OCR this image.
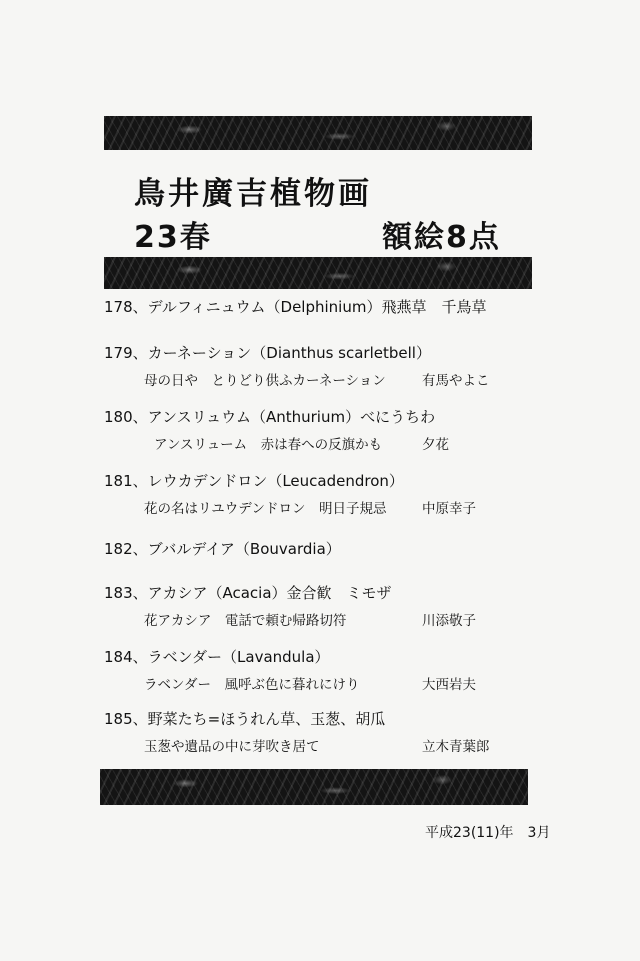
鳥井廣吉植物画
23春	額絵8点
178、デルフィニュウム（Delphinium）飛燕草　千鳥草
179、カーネーション（Dianthus scarletbell）
母の日や　とりどり供ふカーネーション	有馬やよこ
180、アンスリュウム（Anthurium）べにうちわ
アンスリューム　赤は春への反旗かも	夕花
181、レウカデンドロン（Leucadendron）
花の名はリユウデンドロン　明日子規忌	中原幸子
182、ブバルデイア（Bouvardia）
183、アカシア（Acacia）金合歓　ミモザ
花アカシア　電話で頼む帰路切符	川添敬子
184、ラベンダー（Lavandula）
ラベンダー　風呼ぶ色に暮れにけり	大西岩夫
185、野菜たち=ほうれん草、玉葱、胡瓜
玉葱や遺品の中に芽吹き居て	立木青葉郎
平成23(11)年　3月
